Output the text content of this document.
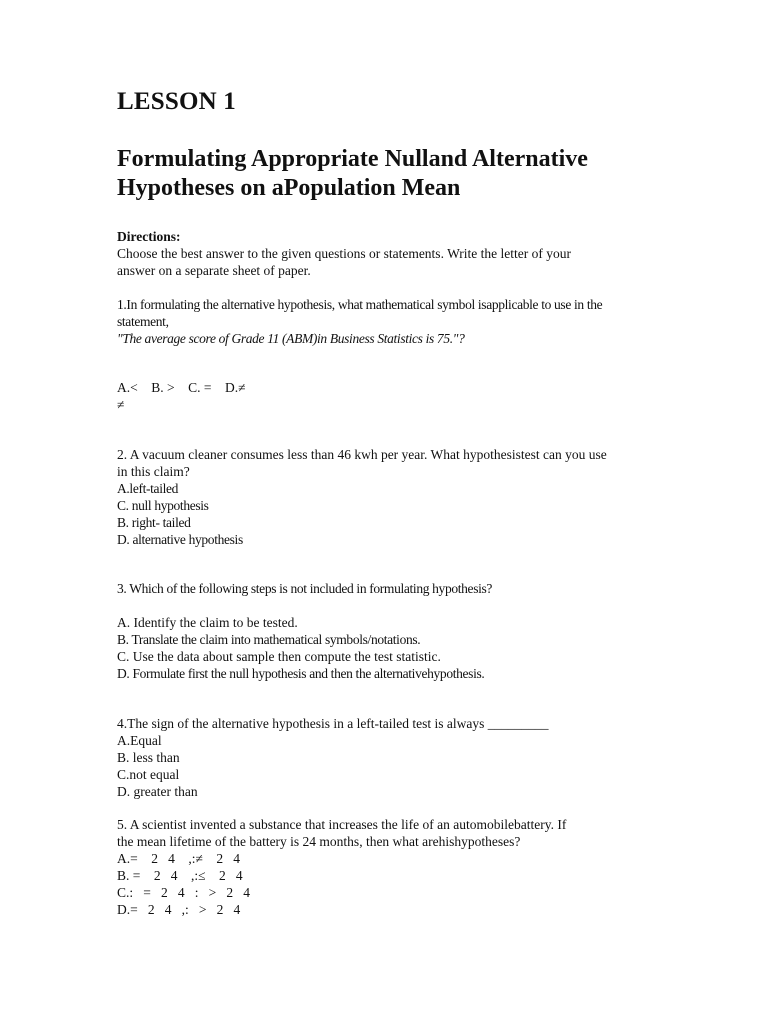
LESSON 1
Formulating Appropriate Nulland Alternative
Hypotheses on aPopulation Mean
Directions:
Choose the best answer to the given questions or statements. Write the letter of your
answer on a separate sheet of paper.
1.In formulating the alternative hypothesis, what mathematical symbol isapplicable to use in the
statement,
"The average score of Grade 11 (ABM)in Business Statistics is 75."?
A.<    B. >    C. =    D.≠
≠
2. A vacuum cleaner consumes less than 46 kwh per year. What hypothesistest can you use
in this claim?
A.left-tailed
C. null hypothesis
B. right- tailed
D. alternative hypothesis
3. Which of the following steps is not included in formulating hypothesis?
A. Identify the claim to be tested.
B. Translate the claim into mathematical symbols/notations.
C. Use the data about sample then compute the test statistic.
D. Formulate first the null hypothesis and then the alternativehypothesis.
4.The sign of the alternative hypothesis in a left-tailed test is always _________
A.Equal
B. less than
C.not equal
D. greater than
5. A scientist invented a substance that increases the life of an automobilebattery. If
the mean lifetime of the battery is 24 months, then what arehishypotheses?
A.=    2   4    ,:≠    2   4
B. =    2   4    ,:≤    2   4
C.:   =   2   4   :   >   2   4
D.=   2   4   ,:   >   2   4
